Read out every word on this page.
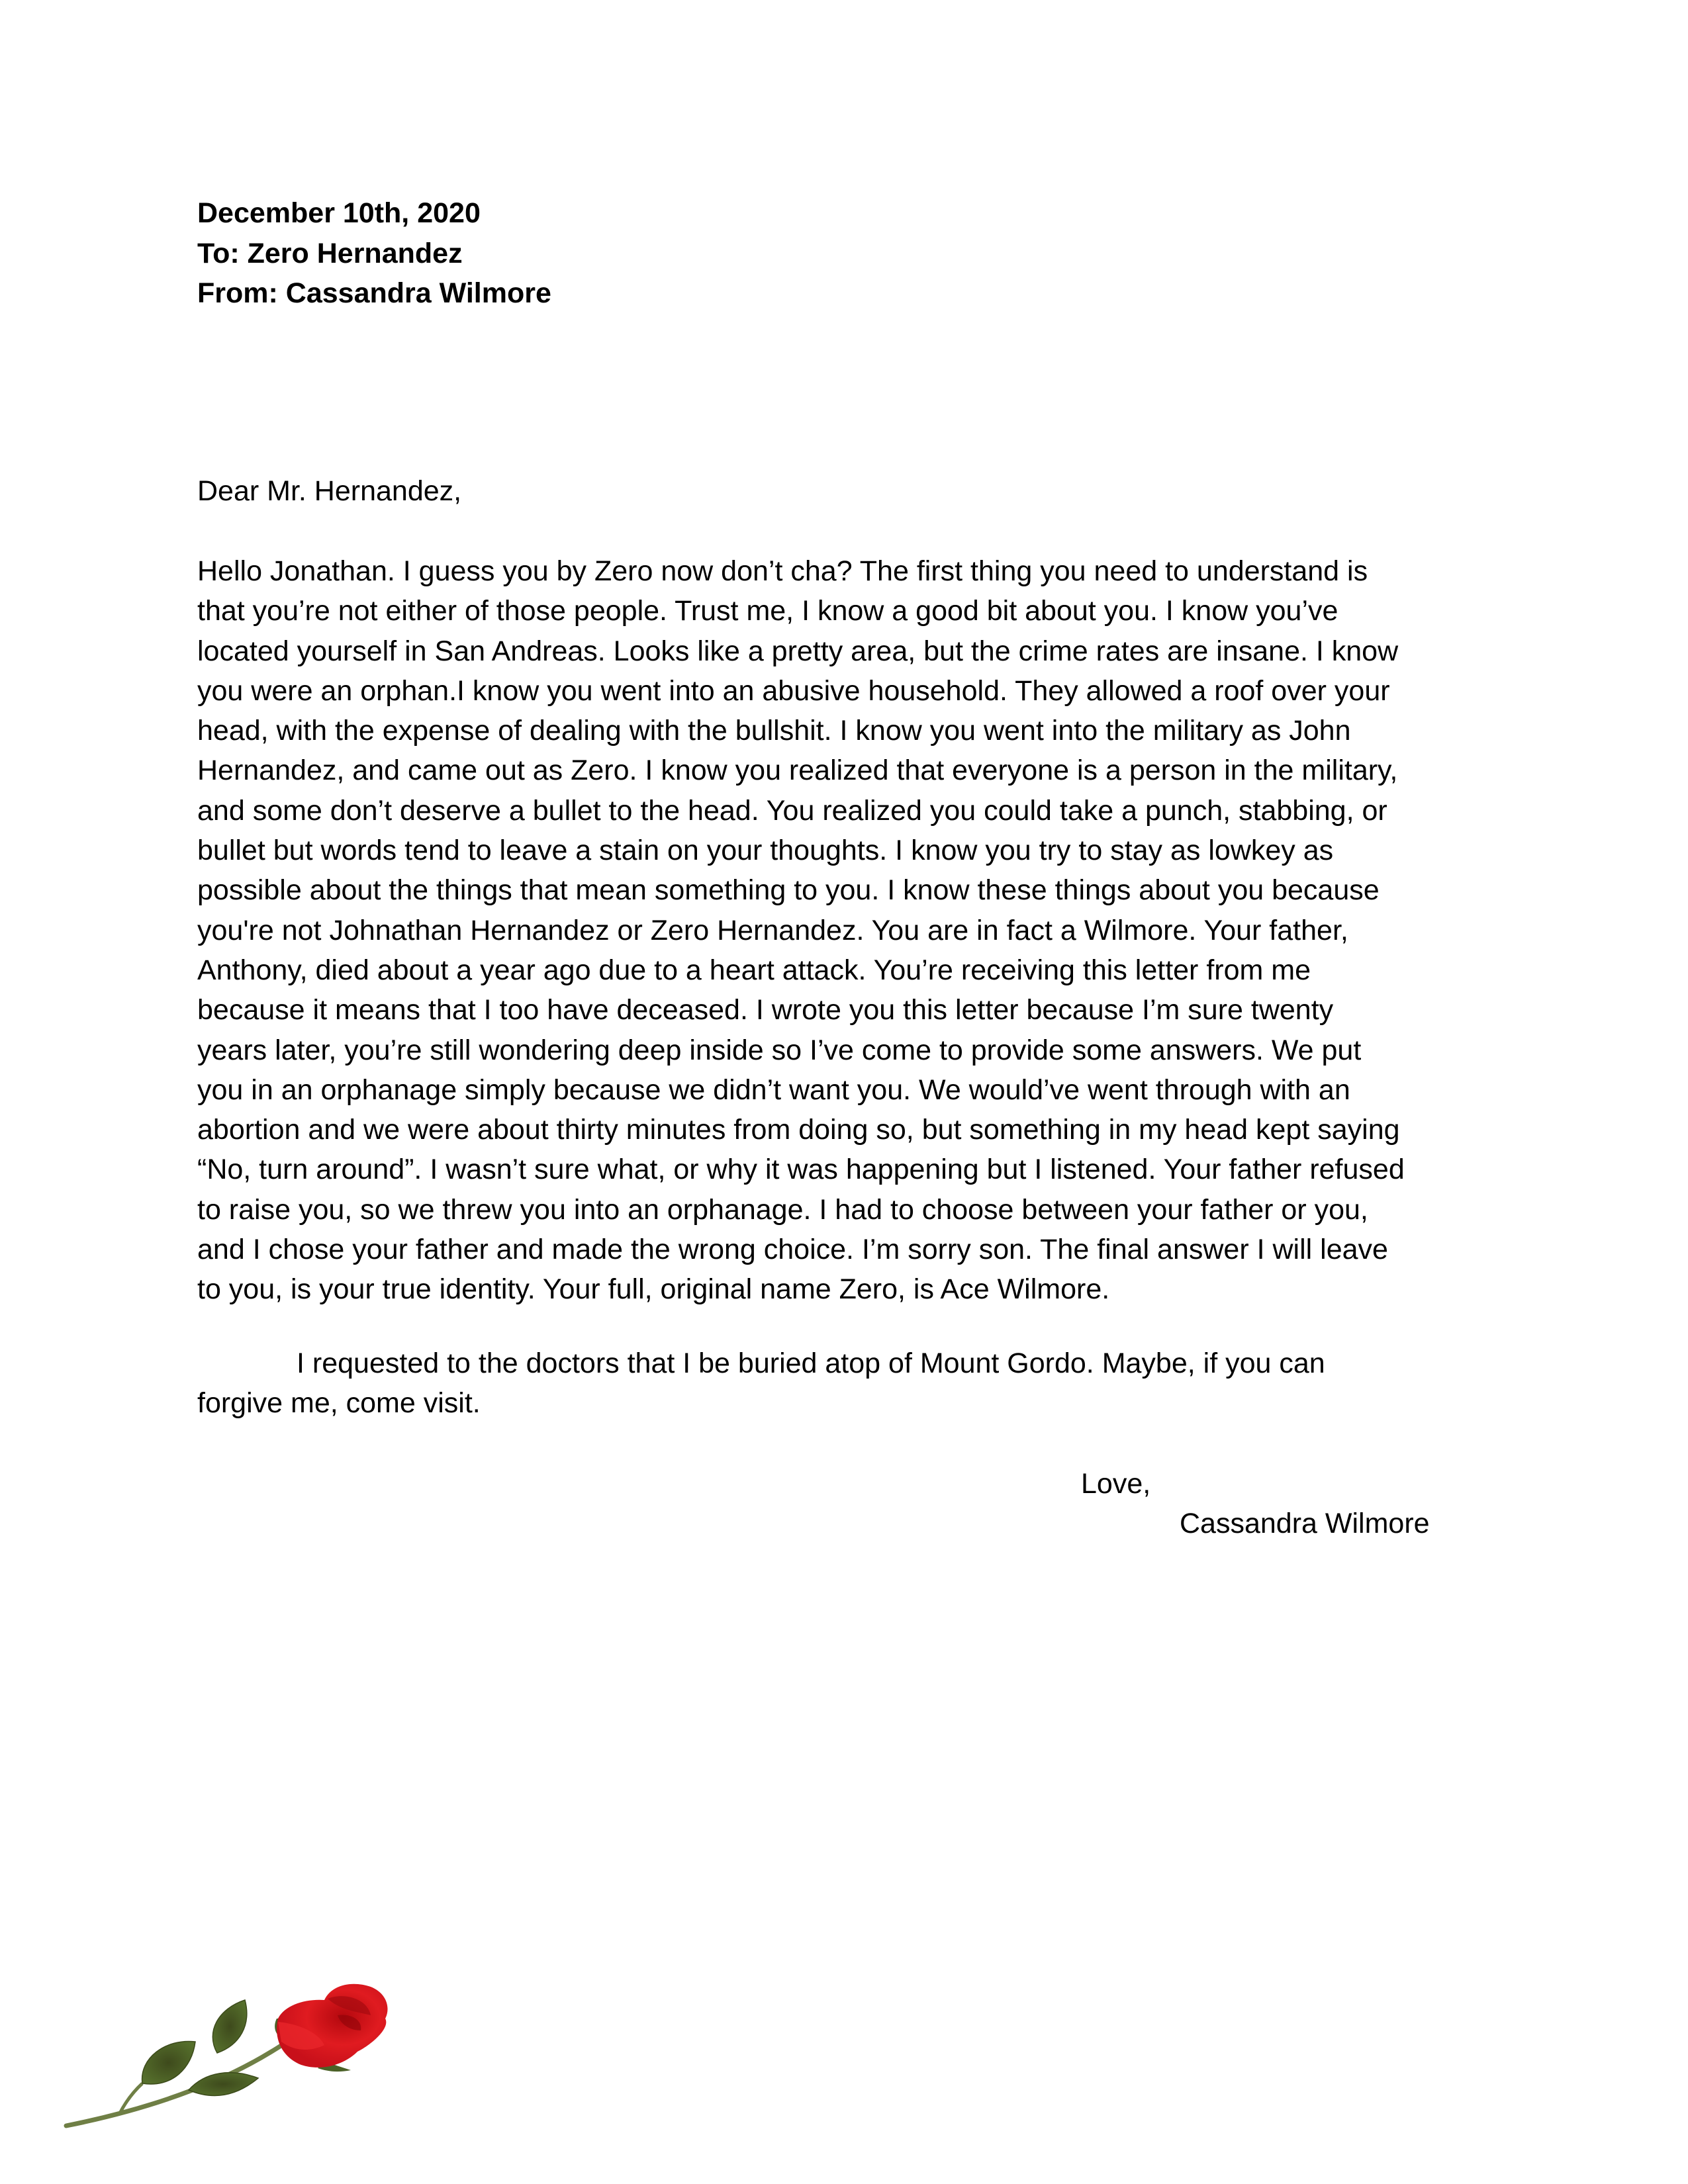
December 10th, 2020
To: Zero Hernandez
From: Cassandra Wilmore
Dear Mr. Hernandez,
Hello Jonathan. I guess you by Zero now don’t cha? The first thing you need to understand is
that you’re not either of those people. Trust me, I know a good bit about you. I know you’ve
located yourself in San Andreas. Looks like a pretty area, but the crime rates are insane. I know
you were an orphan.I know you went into an abusive household. They allowed a roof over your
head, with the expense of dealing with the bullshit. I know you went into the military as John
Hernandez, and came out as Zero. I know you realized that everyone is a person in the military,
and some don’t deserve a bullet to the head. You realized you could take a punch, stabbing, or
bullet but words tend to leave a stain on your thoughts. I know you try to stay as lowkey as
possible about the things that mean something to you. I know these things about you because
you're not Johnathan Hernandez or Zero Hernandez. You are in fact a Wilmore. Your father,
Anthony, died about a year ago due to a heart attack. You’re receiving this letter from me
because it means that I too have deceased. I wrote you this letter because I’m sure twenty
years later, you’re still wondering deep inside so I’ve come to provide some answers. We put
you in an orphanage simply because we didn’t want you. We would’ve went through with an
abortion and we were about thirty minutes from doing so, but something in my head kept saying
“No, turn around”. I wasn’t sure what, or why it was happening but I listened. Your father refused
to raise you, so we threw you into an orphanage. I had to choose between your father or you,
and I chose your father and made the wrong choice. I’m sorry son. The final answer I will leave
to you, is your true identity. Your full, original name Zero, is Ace Wilmore.
I requested to the doctors that I be buried atop of Mount Gordo. Maybe, if you can
forgive me, come visit.
Love,
Cassandra Wilmore
